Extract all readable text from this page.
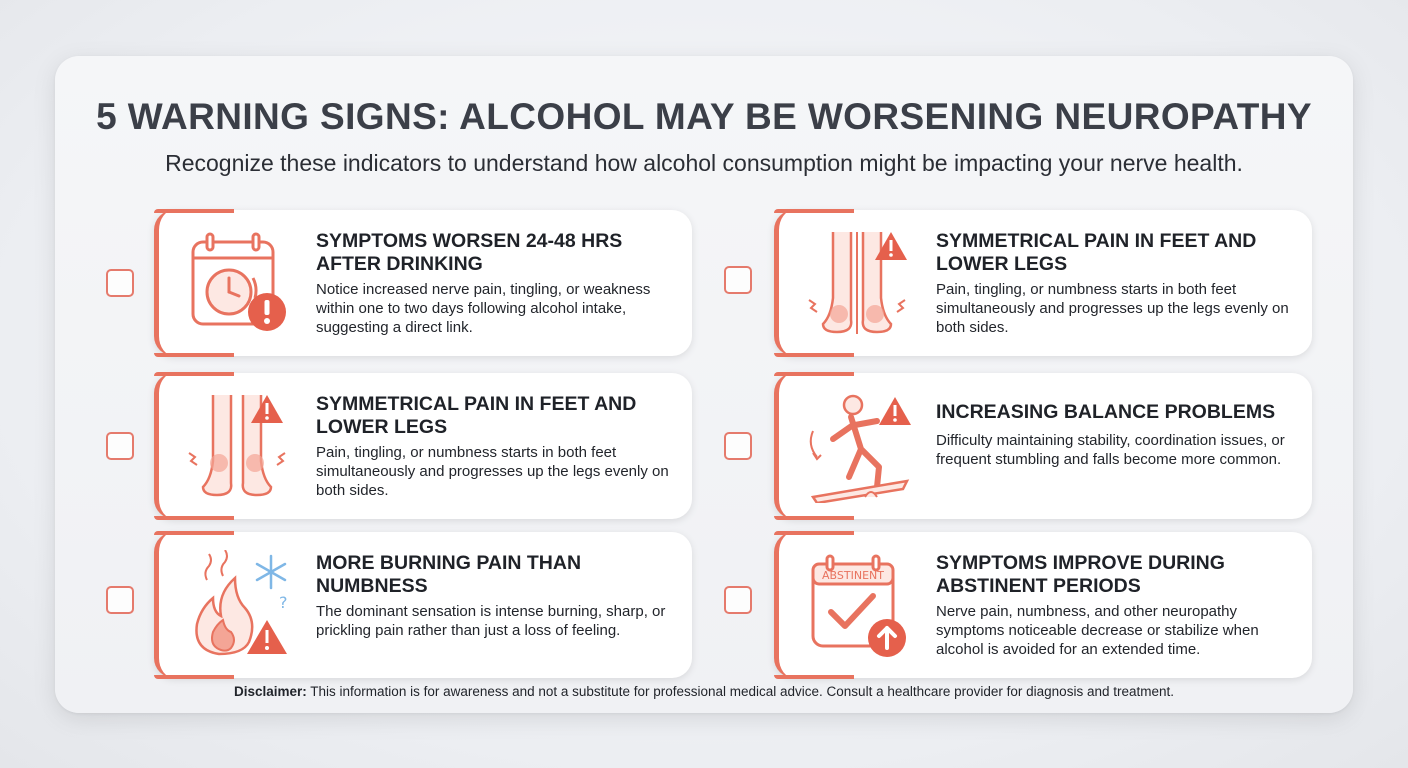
5 WARNING SIGNS: ALCOHOL MAY BE WORSENING NEUROPATHY

Recognize these indicators to understand how alcohol consumption might be impacting your nerve health.

SYMPTOMS WORSEN 24-48 HRS AFTER DRINKING
Notice increased nerve pain, tingling, or weakness within one to two days following alcohol intake, suggesting a direct link.
SYMMETRICAL PAIN IN FEET AND LOWER LEGS
Pain, tingling, or numbness starts in both feet simultaneously and progresses up the legs evenly on both sides.
?
MORE BURNING PAIN THAN NUMBNESS
The dominant sensation is intense burning, sharp, or prickling pain rather than just a loss of feeling.
SYMMETRICAL PAIN IN FEET AND LOWER LEGS
Pain, tingling, or numbness starts in both feet simultaneously and progresses up the legs evenly on both sides.
INCREASING BALANCE PROBLEMS
Difficulty maintaining stability, coordination issues, or frequent stumbling and falls become more common.
ABSTINENT
SYMPTOMS IMPROVE DURING ABSTINENT PERIODS
Nerve pain, numbness, and other neuropathy symptoms noticeable decrease or stabilize when alcohol is avoided for an extended time.

Disclaimer: This information is for awareness and not a substitute for professional medical advice. Consult a healthcare provider for diagnosis and treatment.
